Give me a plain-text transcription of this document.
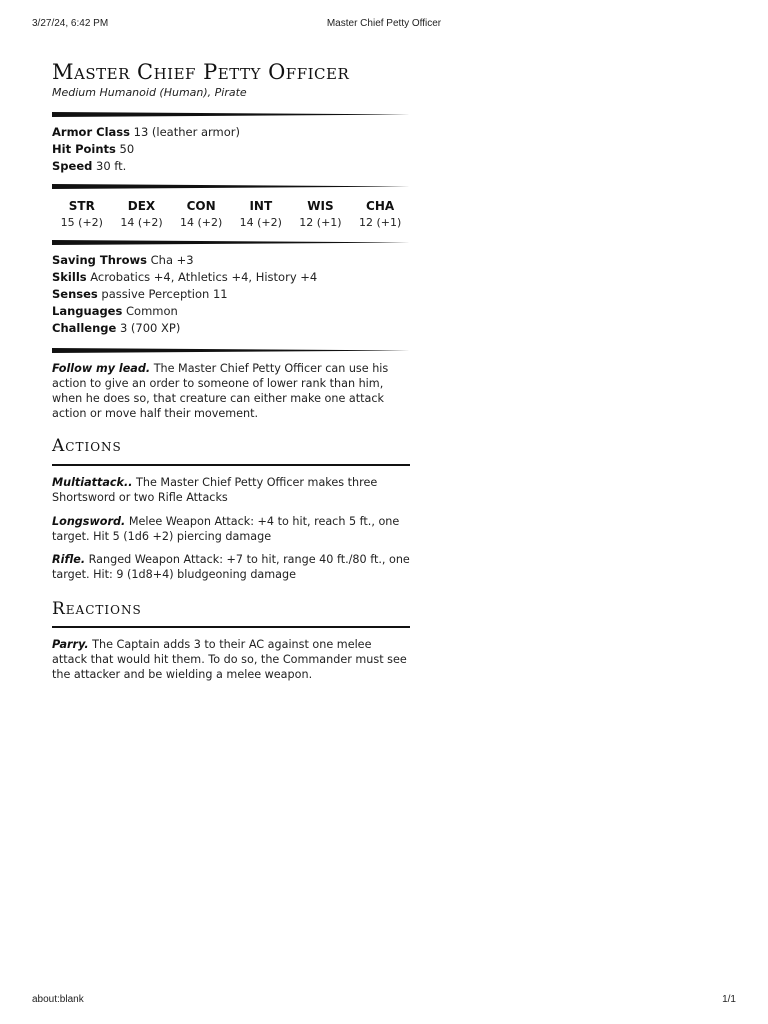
3/27/24, 6:42 PM	Master Chief Petty Officer
Master Chief Petty Officer
Medium Humanoid (Human), Pirate
Armor Class 13 (leather armor)
Hit Points 50
Speed 30 ft.
STR
15 (+2)
DEX
14 (+2)
CON
14 (+2)
INT
14 (+2)
WIS
12 (+1)
CHA
12 (+1)
Saving Throws Cha +3
Skills Acrobatics +4, Athletics +4, History +4
Senses passive Perception 11
Languages Common
Challenge 3 (700 XP)
Follow my lead. The Master Chief Petty Officer can use his action to give an order to someone of lower rank than him, when he does so, that creature can either make one attack action or move half their movement.
Actions
Multiattack.. The Master Chief Petty Officer makes three Shortsword or two Rifle Attacks
Longsword. Melee Weapon Attack: +4 to hit, reach 5 ft., one target. Hit 5 (1d6 +2) piercing damage
Rifle. Ranged Weapon Attack: +7 to hit, range 40 ft./80 ft., one target. Hit: 9 (1d8+4) bludgeoning damage
Reactions
Parry. The Captain adds 3 to their AC against one melee attack that would hit them. To do so, the Commander must see the attacker and be wielding a melee weapon.
about:blank	1/1
